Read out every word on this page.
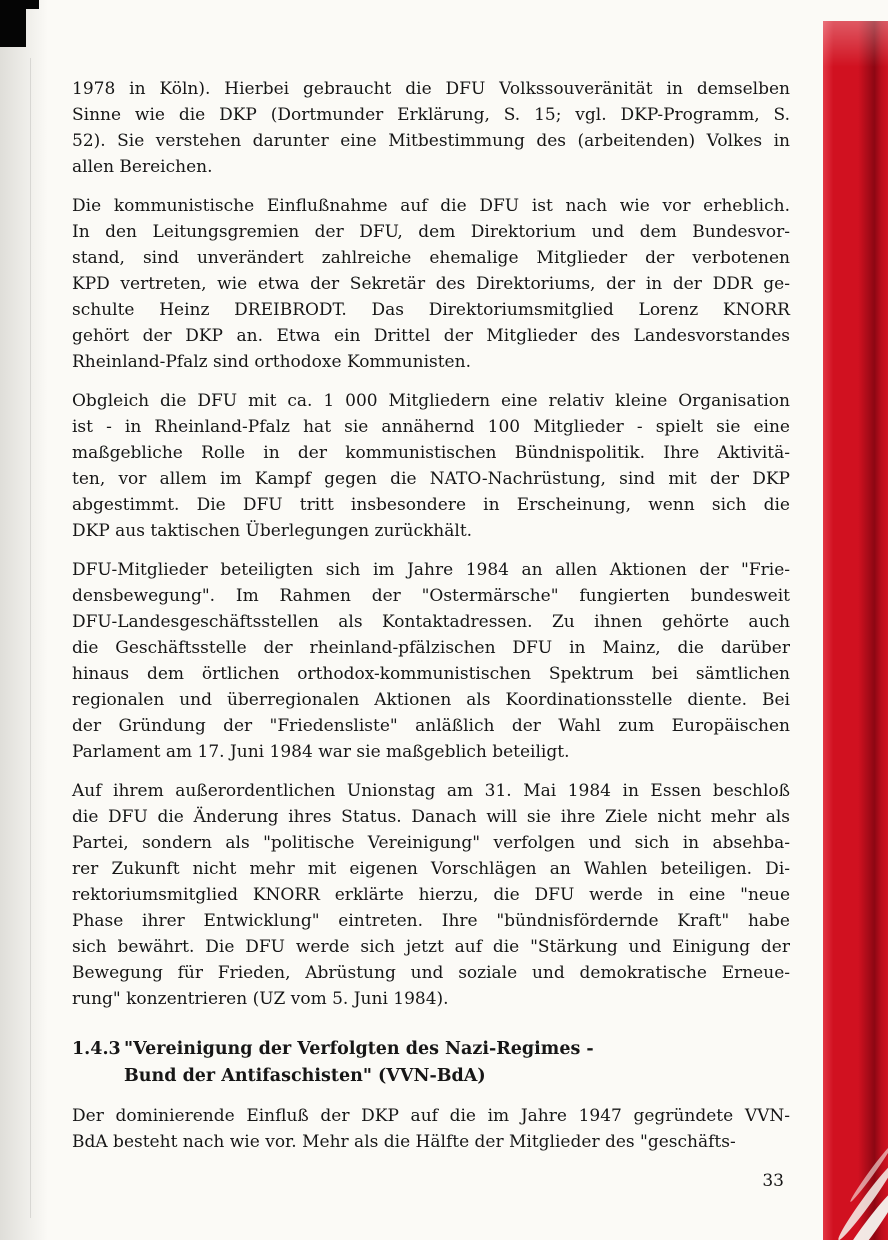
1978 in Köln). Hierbei gebraucht die DFU Volkssouveränität in demselben
Sinne wie die DKP (Dortmunder Erklärung, S. 15; vgl. DKP-Programm, S.
52). Sie verstehen darunter eine Mitbestimmung des (arbeitenden) Volkes in
allen Bereichen.

Die kommunistische Einflußnahme auf die DFU ist nach wie vor erheblich.
In den Leitungsgremien der DFU, dem Direktorium und dem Bundesvor-
stand, sind unverändert zahlreiche ehemalige Mitglieder der verbotenen
KPD vertreten, wie etwa der Sekretär des Direktoriums, der in der DDR ge-
schulte Heinz DREIBRODT. Das Direktoriumsmitglied Lorenz KNORR
gehört der DKP an. Etwa ein Drittel der Mitglieder des Landesvorstandes
Rheinland-Pfalz sind orthodoxe Kommunisten.

Obgleich die DFU mit ca. 1 000 Mitgliedern eine relativ kleine Organisation
ist - in Rheinland-Pfalz hat sie annähernd 100 Mitglieder - spielt sie eine
maßgebliche Rolle in der kommunistischen Bündnispolitik. Ihre Aktivitä-
ten, vor allem im Kampf gegen die NATO-Nachrüstung, sind mit der DKP
abgestimmt. Die DFU tritt insbesondere in Erscheinung, wenn sich die
DKP aus taktischen Überlegungen zurückhält.

DFU-Mitglieder beteiligten sich im Jahre 1984 an allen Aktionen der "Frie-
densbewegung". Im Rahmen der "Ostermärsche" fungierten bundesweit
DFU-Landesgeschäftsstellen als Kontaktadressen. Zu ihnen gehörte auch
die Geschäftsstelle der rheinland-pfälzischen DFU in Mainz, die darüber
hinaus dem örtlichen orthodox-kommunistischen Spektrum bei sämtlichen
regionalen und überregionalen Aktionen als Koordinationsstelle diente. Bei
der Gründung der "Friedensliste" anläßlich der Wahl zum Europäischen
Parlament am 17. Juni 1984 war sie maßgeblich beteiligt.

Auf ihrem außerordentlichen Unionstag am 31. Mai 1984 in Essen beschloß
die DFU die Änderung ihres Status. Danach will sie ihre Ziele nicht mehr als
Partei, sondern als "politische Vereinigung" verfolgen und sich in absehba-
rer Zukunft nicht mehr mit eigenen Vorschlägen an Wahlen beteiligen. Di-
rektoriumsmitglied KNORR erklärte hierzu, die DFU werde in eine "neue
Phase ihrer Entwicklung" eintreten. Ihre "bündnisfördernde Kraft" habe
sich bewährt. Die DFU werde sich jetzt auf die "Stärkung und Einigung der
Bewegung für Frieden, Abrüstung und soziale und demokratische Erneue-
rung" konzentrieren (UZ vom 5. Juni 1984).

1.4.3 "Vereinigung der Verfolgten des Nazi-Regimes -
Bund der Antifaschisten" (VVN-BdA)

Der dominierende Einfluß der DKP auf die im Jahre 1947 gegründete VVN-
BdA besteht nach wie vor. Mehr als die Hälfte der Mitglieder des "geschäfts-

33
